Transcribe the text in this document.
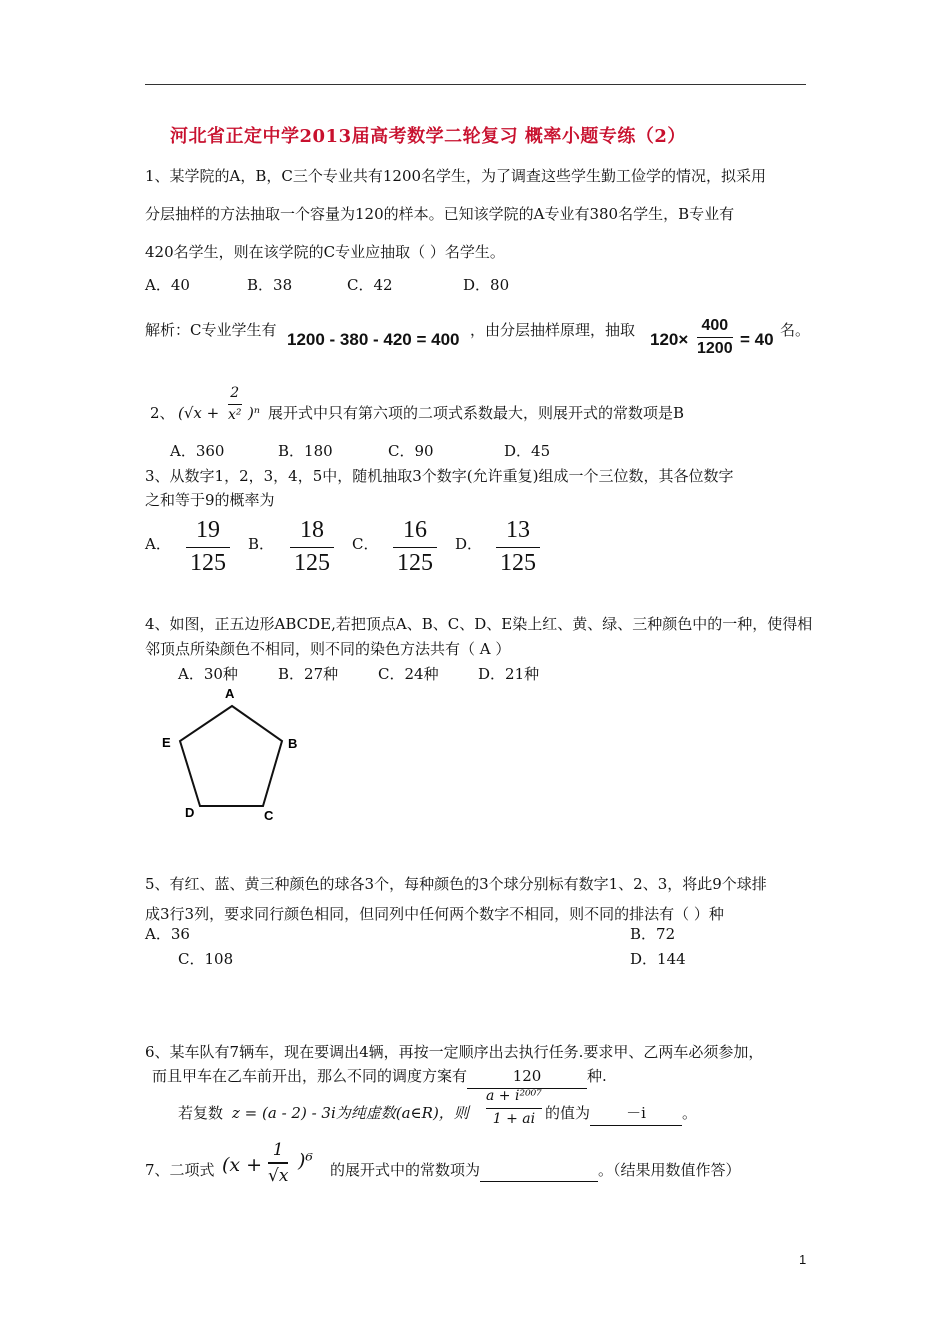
河北省正定中学2013届高考数学二轮复习 概率小题专练（2）
1、某学院的A，B，C三个专业共有1200名学生，为了调查这些学生勤工俭学的情况，拟采用
分层抽样的方法抽取一个容量为120的样本。已知该学院的A专业有380名学生，B专业有
420名学生，则在该学院的C专业应抽取（ ）名学生。
A．40	B．38	C．42	D．80
解析：C专业学生有 1200 - 380 - 420 = 400 ，由分层抽样原理，抽取 120×
400
1200 = 40 名。
2、 (√x +
2
x² )ⁿ 展开式中只有第六项的二项式系数最大，则展开式的常数项是B
A．360	B．180	C．90	D．45
3、从数字1，2，3，4，5中，随机抽取3个数字(允许重复)组成一个三位数，其各位数字
之和等于9的概率为
A．
19
125
B．
18
125
C．
16
125
D．
13
125
4、如图，正五边形ABCDE,若把顶点A、B、C、D、E染上红、黄、绿、三种颜色中的一种，使得相
邻顶点所染颜色不相同，则不同的染色方法共有（ A ）
A．30种	B．27种	C．24种	D．21种
A
B
C
D
E
5、有红、蓝、黄三种颜色的球各3个，每种颜色的3个球分别标有数字1、2、3，将此9个球排
成3行3列，要求同行颜色相同，但同列中任何两个数字不相同，则不同的排法有（ ）种
A．36	B．72
C．108	D．144
6、某车队有7辆车，现在要调出4辆，再按一定顺序出去执行任务.要求甲、乙两车必须参加，
而且甲车在乙车前开出，那么不同的调度方案有	120	种.
若复数 z = (a - 2) - 3i为纯虚数(a∈R)，则
a + i²⁰⁰⁷
1 + ai 的值为 －i 。
7、二项式 (x +
1
√x
)⁶ 的展开式中的常数项为	。（结果用数值作答）
1
